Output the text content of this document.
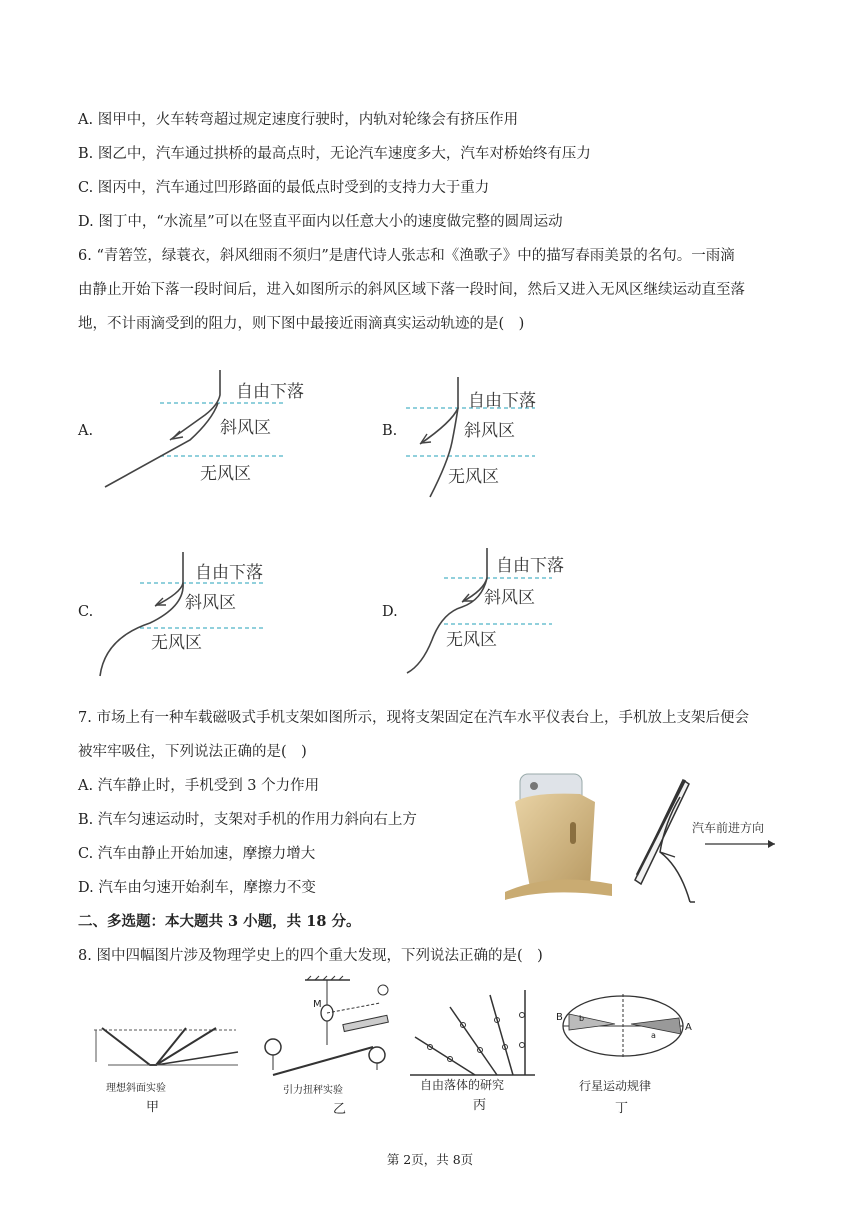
A. 图甲中，火车转弯超过规定速度行驶时，内轨对轮缘会有挤压作用
B. 图乙中，汽车通过拱桥的最高点时，无论汽车速度多大，汽车对桥始终有压力
C. 图丙中，汽车通过凹形路面的最低点时受到的支持力大于重力
D. 图丁中，“水流星”可以在竖直平面内以任意大小的速度做完整的圆周运动
6. “青箬笠，绿蓑衣，斜风细雨不须归”是唐代诗人张志和《渔歌子》中的描写春雨美景的名句。一雨滴
由静止开始下落一段时间后，进入如图所示的斜风区域下落一段时间，然后又进入无风区继续运动直至落
地，不计雨滴受到的阻力，则下图中最接近雨滴真实运动轨迹的是(　)
A.
自由下落
斜风区
无风区
B.
自由下落
斜风区
无风区
C.
自由下落
斜风区
无风区
D.
自由下落
斜风区
无风区
7. 市场上有一种车载磁吸式手机支架如图所示，现将支架固定在汽车水平仪表台上，手机放上支架后便会
被牢牢吸住，下列说法正确的是(　)
A. 汽车静止时，手机受到 3 个力作用
B. 汽车匀速运动时，支架对手机的作用力斜向右上方
C. 汽车由静止开始加速，摩擦力增大
D. 汽车由匀速开始刹车，摩擦力不变
汽车前进方向
二、多选题：本大题共 3 小题，共 18 分。
8. 图中四幅图片涉及物理学史上的四个重大发现，下列说法正确的是(　)
理想斜面实验
甲
M
引力扭秤实验
乙
自由落体的研究
丙
B
A
b
a
行星运动规律
丁
第 2页，共 8页
